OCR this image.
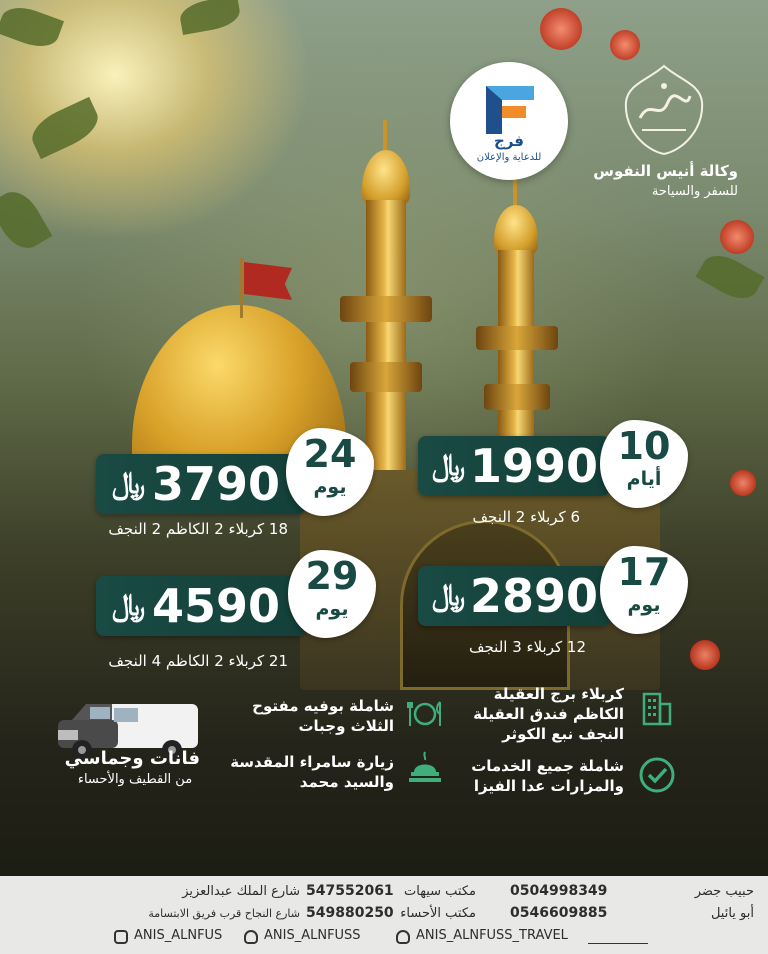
فرج
للدعاية والإعلان
وكالة أنيس النفوس
للسفر والسياحة
﷼ 1990 10
أيام
6 كربلاء 2 النجف
﷼ 3790
24
يوم
18 كربلاء 2 الكاظم 2 النجف
﷼ 2890 17
يوم
12 كربلاء 3 النجف
﷼ 4590
29
يوم
21 كربلاء 2 الكاظم 4 النجف
كربلاء برج العقيلة
الكاظم فندق العقيلة
النجف نبع الكوثر
شاملة جميع الخدمات
والمزارات عدا الفيزا
شاملة بوفيه مفتوح
الثلاث وجبات
زيارة سامراء المقدسة
والسيد محمد
فانات وجماسي
من القطيف والأحساء
حبيب جضر
0504998349
مكتب سيهات
547552061
شارع الملك عبدالعزيز
أبو يائيل
0546609885
مكتب الأحساء
549880250
شارع النجاح قرب فريق الابتسامة
ANIS_ALNFUSS_TRAVEL
ANIS_ALNFUSS
ANIS_ALNFUS
